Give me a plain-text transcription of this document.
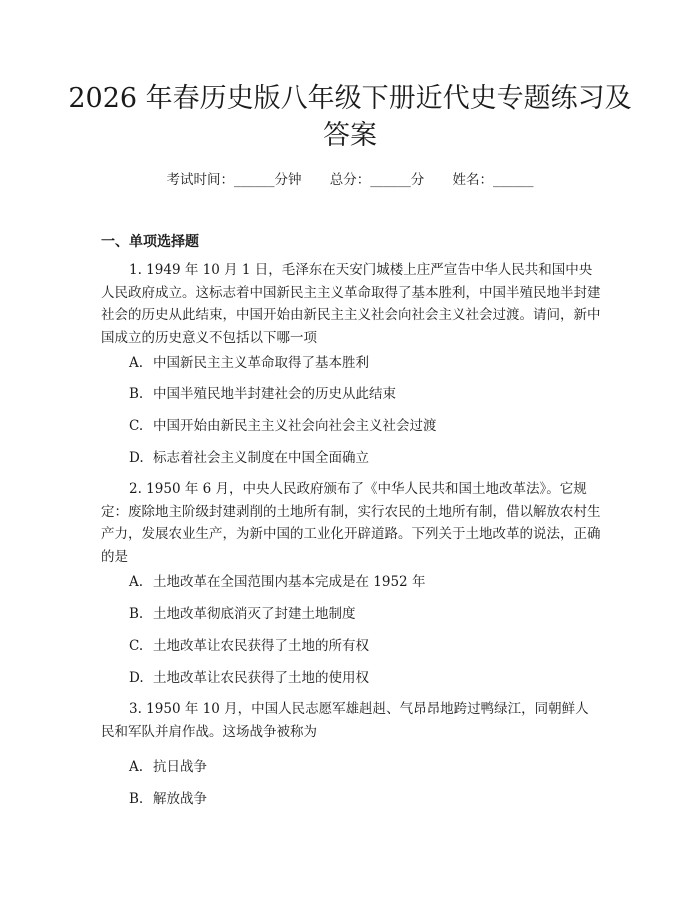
2026 年春历史版八年级下册近代史专题练习及答案
考试时间：______分钟 总分：______分 姓名：______
一、单项选择题

1. 1949 年 10 月 1 日，毛泽东在天安门城楼上庄严宣告中华人民共和国中央人民政府成立。这标志着中国新民主主义革命取得了基本胜利，中国半殖民地半封建社会的历史从此结束，中国开始由新民主主义社会向社会主义社会过渡。请问，新中国成立的历史意义不包括以下哪一项

A. 中国新民主主义革命取得了基本胜利

B. 中国半殖民地半封建社会的历史从此结束

C. 中国开始由新民主主义社会向社会主义社会过渡

D. 标志着社会主义制度在中国全面确立

2. 1950 年 6 月，中央人民政府颁布了《中华人民共和国土地改革法》。它规定：废除地主阶级封建剥削的土地所有制，实行农民的土地所有制，借以解放农村生产力，发展农业生产，为新中国的工业化开辟道路。下列关于土地改革的说法，正确的是

A. 土地改革在全国范围内基本完成是在 1952 年

B. 土地改革彻底消灭了封建土地制度

C. 土地改革让农民获得了土地的所有权

D. 土地改革让农民获得了土地的使用权

3. 1950 年 10 月，中国人民志愿军雄赳赳、气昂昂地跨过鸭绿江，同朝鲜人民和军队并肩作战。这场战争被称为

A. 抗日战争

B. 解放战争
